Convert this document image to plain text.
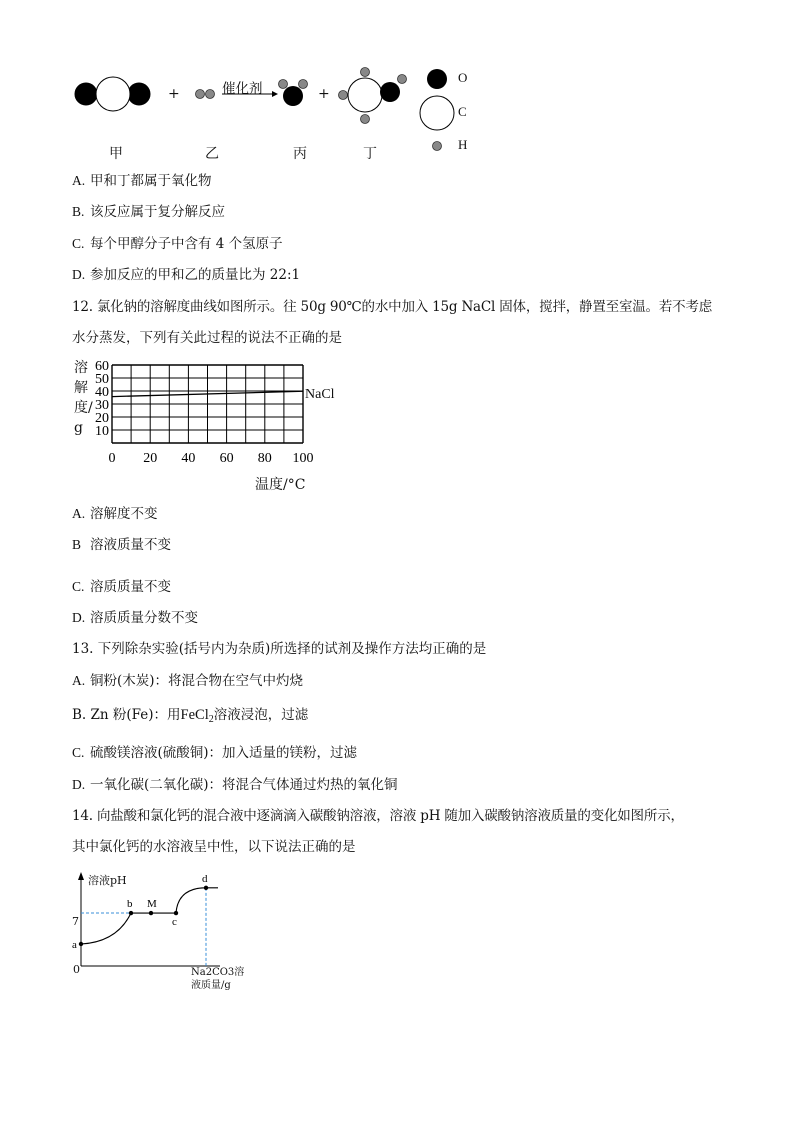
催化剂
+	+
甲	乙	丙	丁
O
C
H
A. 甲和丁都属于氧化物
B. 该反应属于复分解反应
C. 每个甲醇分子中含有 4 个氢原子
D. 参加反应的甲和乙的质量比为 22:1
12. 氯化钠的溶解度曲线如图所示。往 50g 90℃的水中加入 15g NaCl 固体，搅拌，静置至室温。若不考虑
水分蒸发，下列有关此过程的说法不正确的是
10
20
30
40
50
60
0 20 40 60 80 100
溶解度/g
温度/°C
NaCl
A. 溶解度不变
B 溶液质量不变
C. 溶质质量不变
D. 溶质质量分数不变
13. 下列除杂实验(括号内为杂质)所选择的试剂及操作方法均正确的是
A. 铜粉(木炭)：将混合物在空气中灼烧
B. Zn 粉(Fe)：用FeCl$_2$溶液浸泡，过滤
C. 硫酸镁溶液(硫酸铜)：加入适量的镁粉，过滤
D. 一氧化碳(二氧化碳)：将混合气体通过灼热的氧化铜
14. 向盐酸和氯化钙的混合液中逐滴滴入碳酸钠溶液，溶液 pH 随加入碳酸钠溶液质量的变化如图所示，
其中氯化钙的水溶液呈中性，以下说法正确的是
a
b M
c
d
溶液pH
7
0	Na2CO3溶液质量/g
